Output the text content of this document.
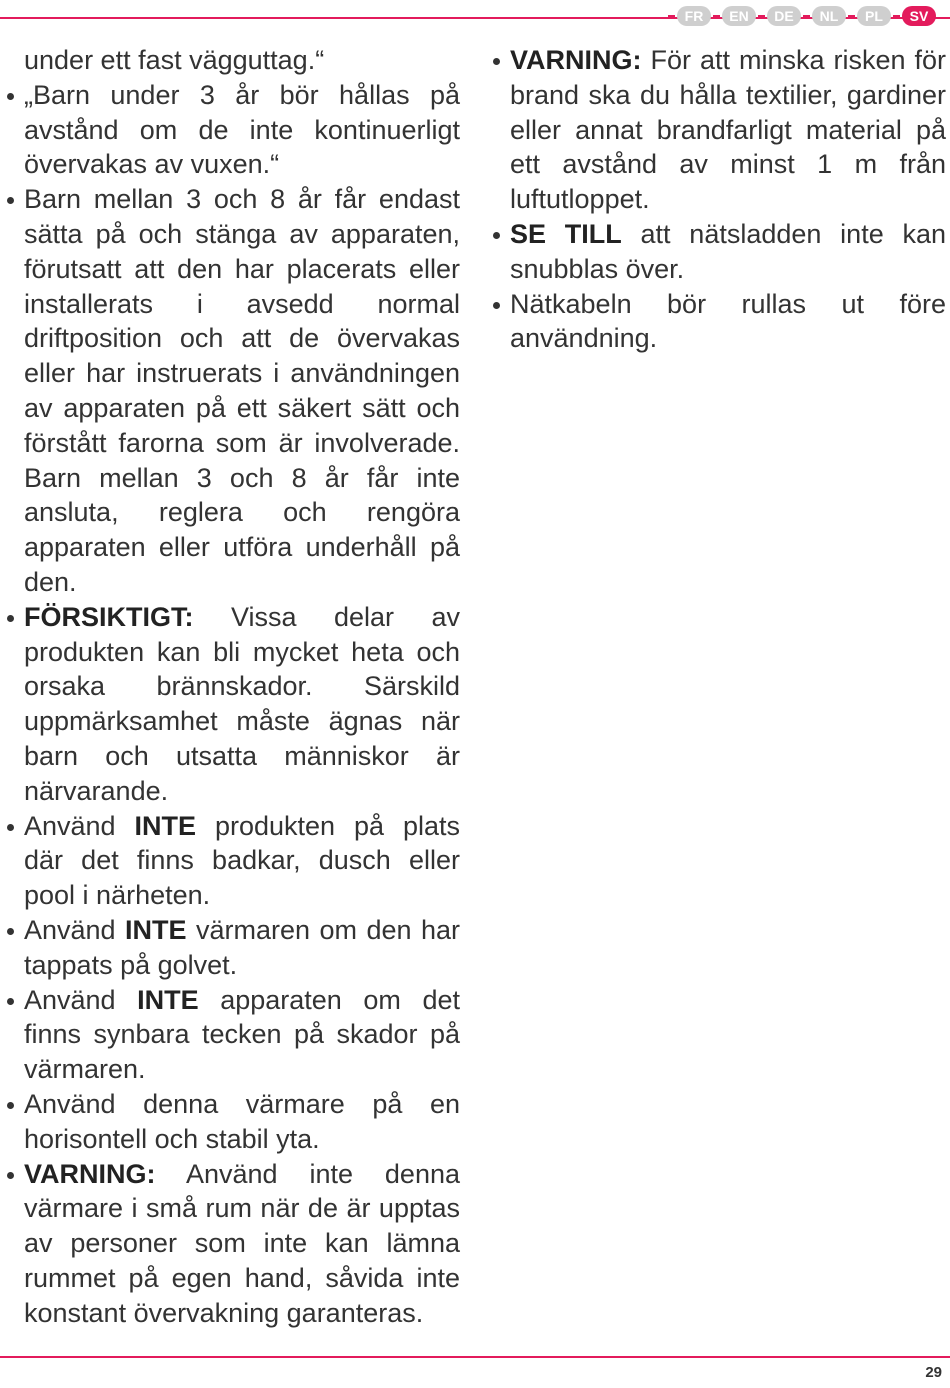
FR	EN	DE	NL	PL	SV

under ett fast vägguttag.“

„Barn under 3 år bör hållas på avstånd om de inte kontinuerligt övervakas av vuxen.“
Barn mellan 3 och 8 år får endast sätta på och stänga av apparaten, förutsatt att den har placerats eller installerats i avsedd normal driftposition och att de övervakas eller har instruerats i användningen av apparaten på ett säkert sätt och förstått farorna som är involverade. Barn mellan 3 och 8 år får inte ansluta, reglera och rengöra apparaten eller utföra underhåll på den.
FÖRSIKTIGT: Vissa delar av produkten kan bli mycket heta och orsaka brännskador. Särskild uppmärksamhet måste ägnas när barn och utsatta människor är närvarande.
Använd INTE produkten på plats där det finns badkar, dusch eller pool i närheten.
Använd INTE värmaren om den har tappats på golvet.
Använd INTE apparaten om det finns synbara tecken på skador på värmaren.
Använd denna värmare på en horisontell och stabil yta.
VARNING: Använd inte denna värmare i små rum när de är upptas av personer som inte kan lämna rummet på egen hand, såvida inte konstant övervakning garanteras.
VARNING: För att minska risken för brand ska du hålla textilier, gardiner eller annat brandfarligt material på ett avstånd av minst 1 m från luftutloppet.
SE TILL att nätsladden inte kan snubblas över.
Nätkabeln bör rullas ut före användning.
29
